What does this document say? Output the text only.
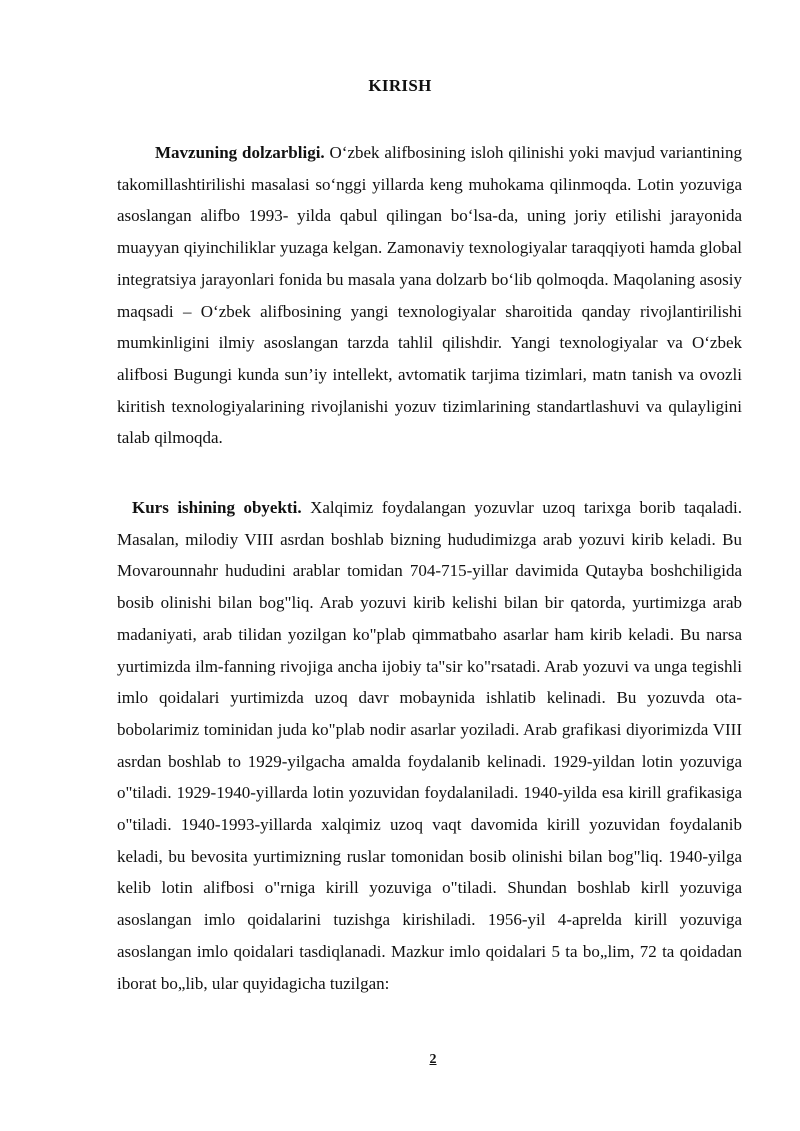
KIRISH

Mavzuning dolzarbligi. O‘zbek alifbosining isloh qilinishi yoki mavjud variantining takomillashtirilishi masalasi so‘nggi yillarda keng muhokama qilinmoqda. Lotin yozuviga asoslangan alifbo 1993- yilda qabul qilingan bo‘lsa-da, uning joriy etilishi jarayonida muayyan qiyinchiliklar yuzaga kelgan. Zamonaviy texnologiyalar taraqqiyoti hamda global integratsiya jarayonlari fonida bu masala yana dolzarb bo‘lib qolmoqda. Maqolaning asosiy maqsadi – O‘zbek alifbosining yangi texnologiyalar sharoitida qanday rivojlantirilishi mumkinligini ilmiy asoslangan tarzda tahlil qilishdir. Yangi texnologiyalar va O‘zbek alifbosi Bugungi kunda sun’iy intellekt, avtomatik tarjima tizimlari, matn tanish va ovozli kiritish texnologiyalarining rivojlanishi yozuv tizimlarining standartlashuvi va qulayligini talab qilmoqda.

Kurs ishining obyekti. Xalqimiz foydalangan yozuvlar uzoq tarixga borib taqaladi. Masalan, milodiy VIII asrdan boshlab bizning hududimizga arab yozuvi kirib keladi. Bu Movarounnahr hududini arablar tomidan 704-715-yillar davimida Qutayba boshchiligida bosib olinishi bilan bog"liq. Arab yozuvi kirib kelishi bilan bir qatorda, yurtimizga arab madaniyati, arab tilidan yozilgan ko"plab qimmatbaho asarlar ham kirib keladi. Bu narsa yurtimizda ilm-fanning rivojiga ancha ijobiy ta"sir ko"rsatadi. Arab yozuvi va unga tegishli imlo qoidalari yurtimizda uzoq davr mobaynida ishlatib kelinadi. Bu yozuvda ota-bobolarimiz tominidan juda ko"plab nodir asarlar yoziladi. Arab grafikasi diyorimizda VIII asrdan boshlab to 1929-yilgacha amalda foydalanib kelinadi. 1929-yildan lotin yozuviga o"tiladi. 1929-1940-yillarda lotin yozuvidan foydalaniladi. 1940-yilda esa kirill grafikasiga o"tiladi. 1940-1993-yillarda xalqimiz uzoq vaqt davomida kirill yozuvidan foydalanib keladi, bu bevosita yurtimizning ruslar tomonidan bosib olinishi bilan bog"liq. 1940-yilga kelib lotin alifbosi o"rniga kirill yozuviga o"tiladi. Shundan boshlab kirll yozuviga asoslangan imlo qoidalarini tuzishga kirishiladi. 1956-yil 4-aprelda kirill yozuviga asoslangan imlo qoidalari tasdiqlanadi. Mazkur imlo qoidalari 5 ta bo„lim, 72 ta qoidadan iborat bo„lib, ular quyidagicha tuzilgan:

2
